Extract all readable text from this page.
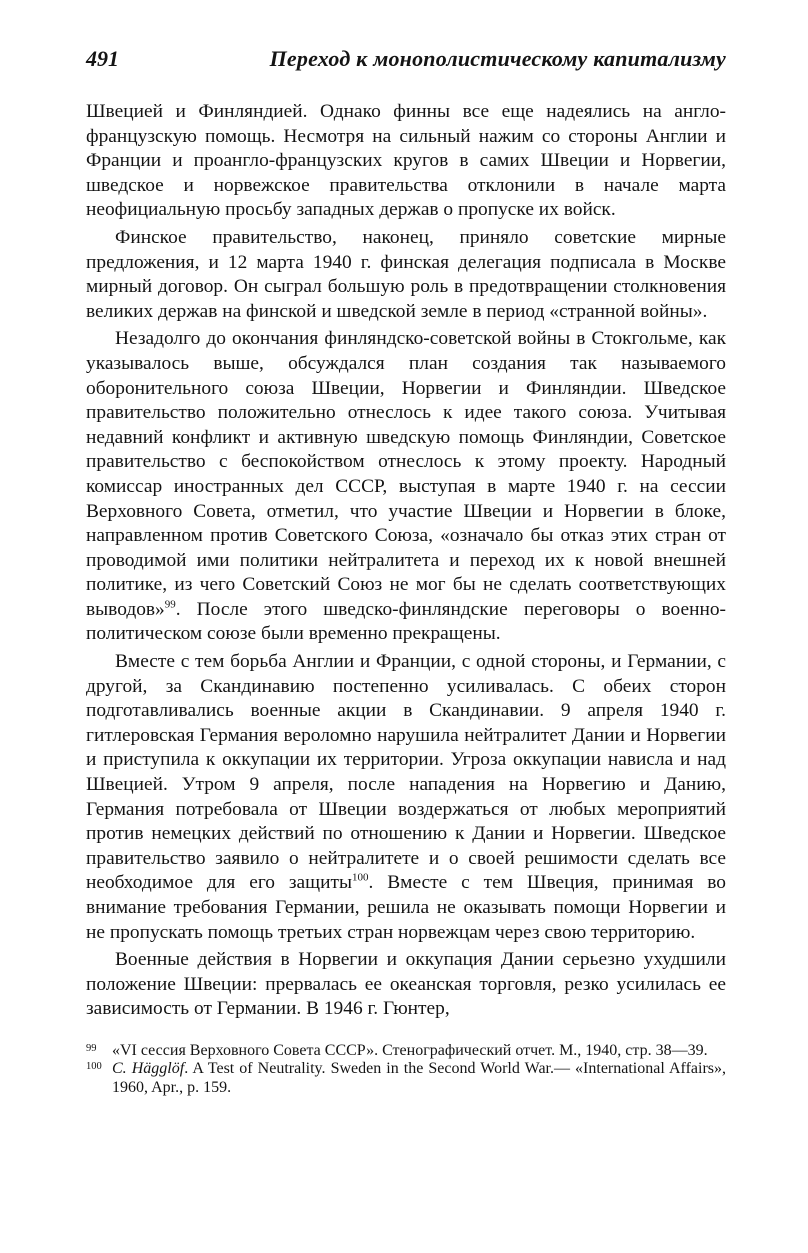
491	Переход к монополистическому капитализму

Швецией и Финляндией. Однако финны все еще надеялись на англо-французскую помощь. Несмотря на сильный нажим со стороны Англии и Франции и проангло-французских кругов в самих Швеции и Норвегии, шведское и норвежское правительства отклонили в начале марта неофициальную просьбу западных держав о пропуске их войск.

Финское правительство, наконец, приняло советские мирные предложения, и 12 марта 1940 г. финская делегация подписала в Москве мирный договор. Он сыграл большую роль в предотвращении столкновения великих держав на финской и шведской земле в период «странной войны».

Незадолго до окончания финляндско-советской войны в Стокгольме, как указывалось выше, обсуждался план создания так называемого оборонительного союза Швеции, Норвегии и Финляндии. Шведское правительство положительно отнеслось к идее такого союза. Учитывая недавний конфликт и активную шведскую помощь Финляндии, Советское правительство с беспокойством отнеслось к этому проекту. Народный комиссар иностранных дел СССР, выступая в марте 1940 г. на сессии Верховного Совета, отметил, что участие Швеции и Норвегии в блоке, направленном против Советского Союза, «означало бы отказ этих стран от проводимой ими политики нейтралитета и переход их к новой внешней политике, из чего Советский Союз не мог бы не сделать соответствующих выводов»$^{99}$. После этого шведско-финляндские переговоры о военно-политическом союзе были временно прекращены.

Вместе с тем борьба Англии и Франции, с одной стороны, и Германии, с другой, за Скандинавию постепенно усиливалась. С обеих сторон подготавливались военные акции в Скандинавии. 9 апреля 1940 г. гитлеровская Германия вероломно нарушила нейтралитет Дании и Норвегии и приступила к оккупации их территории. Угроза оккупации нависла и над Швецией. Утром 9 апреля, после нападения на Норвегию и Данию, Германия потребовала от Швеции воздержаться от любых мероприятий против немецких действий по отношению к Дании и Норвегии. Шведское правительство заявило о нейтралитете и о своей решимости сделать все необходимое для его защиты$^{100}$. Вместе с тем Швеция, принимая во внимание требования Германии, решила не оказывать помощи Норвегии и не пропускать помощь третьих стран норвежцам через свою территорию.

Военные действия в Норвегии и оккупация Дании серьезно ухудшили положение Швеции: прервалась ее океанская торговля, резко усилилась ее зависимость от Германии. В 1946 г. Гюнтер,

99 «VI сессия Верховного Совета СССР». Стенографический отчет. М., 1940, стр. 38—39.
100 C. Hägglöf. A Test of Neutrality. Sweden in the Second World War.— «International Affairs», 1960, Apr., p. 159.
